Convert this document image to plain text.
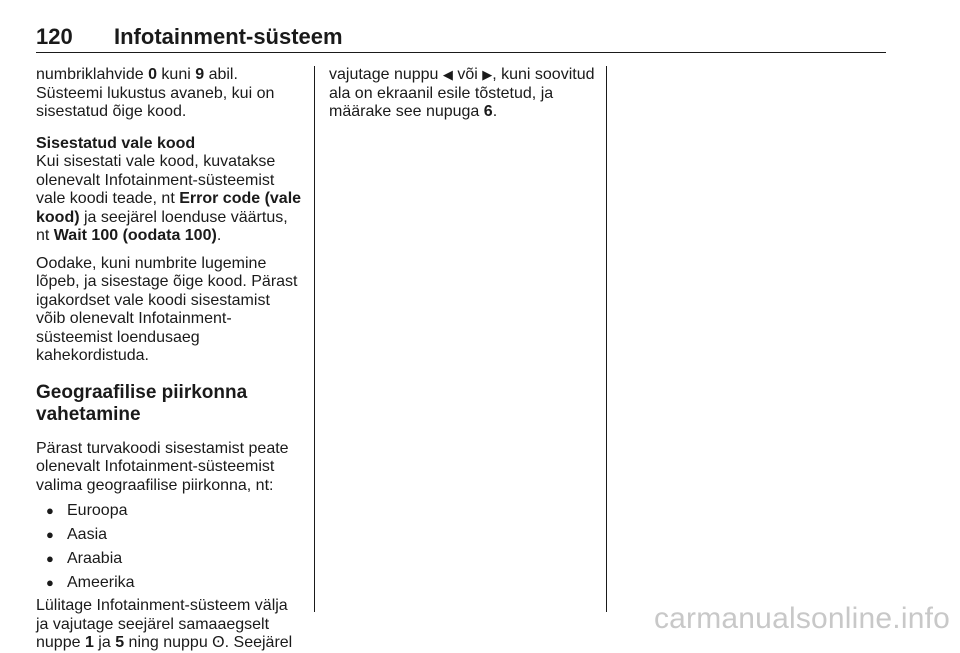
120 Infotainment-süsteem

numbriklahvide 0 kuni 9 abil. Süsteemi lukustus avaneb, kui on sisestatud õige kood.

Sisestatud vale kood

Kui sisestati vale kood, kuvatakse olenevalt Infotainment-süsteemist vale koodi teade, nt Error code (vale kood) ja seejärel loenduse väärtus, nt Wait 100 (oodata 100).

Oodake, kuni numbrite lugemine lõpeb, ja sisestage õige kood. Pärast igakordset vale koodi sisestamist võib olenevalt Infotainment-süsteemist loendusaeg kahekordistuda.

Geograafilise piirkonna vahetamine

Pärast turvakoodi sisestamist peate olenevalt Infotainment-süsteemist valima geograafilise piirkonna, nt:

● Euroopa
● Aasia
● Araabia
● Ameerika

Lülitage Infotainment-süsteem välja ja vajutage seejärel samaaegselt nuppe 1 ja 5 ning nuppu ʘ. Seejärel

vajutage nuppu ◀ või ▶, kuni soovitud ala on ekraanil esile tõstetud, ja määrake see nupuga 6.

carmanualsonline.info
